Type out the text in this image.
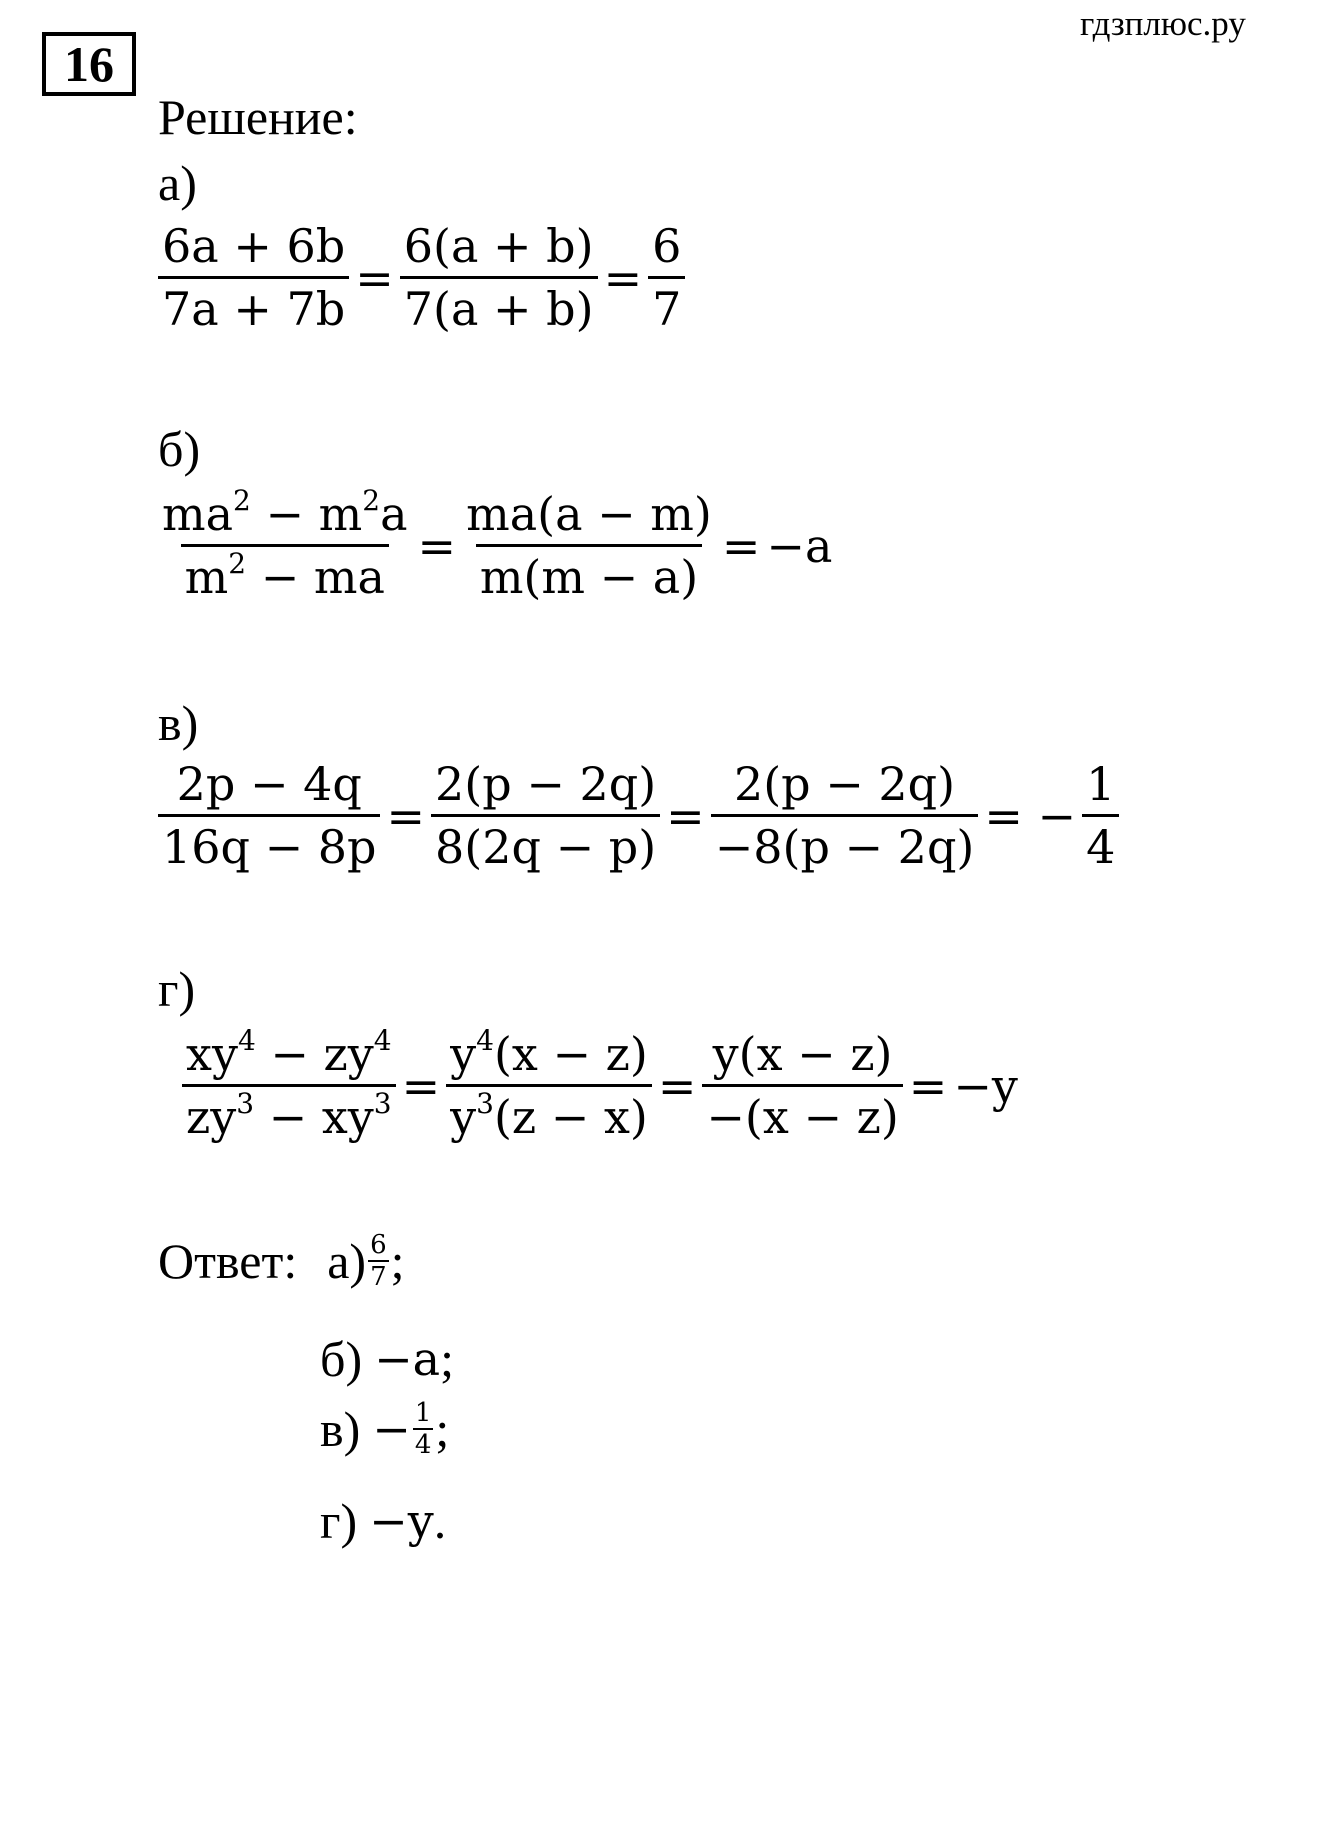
16
гдзплюс.ру
Решение:
а)
$\frac{6a + 6b}{7a + 7b} = \frac{6(a + b)}{7(a + b)} = \frac{6}{7}$
б)
$\frac{ma^2 - m^2a}{m^2 - ma} = \frac{ma(a - m)}{m(m - a)} = -a$
в)
$\frac{2p - 4q}{16q - 8p} = \frac{2(p - 2q)}{8(2q - p)} = \frac{2(p - 2q)}{-8(p - 2q)}$ = − $\frac{1}{4}$
г)
$\frac{xy^4 - zy^4}{zy^3 - xy^3} = \frac{y^4(x - z)}{y^3(z - x)} = \frac{y(x - z)}{-(x - z)} = -y$
Ответ: $а) \frac{6}{7}$ ;
б) −a ;
$в) - \frac{1}{4}$ ;
г) −y .
